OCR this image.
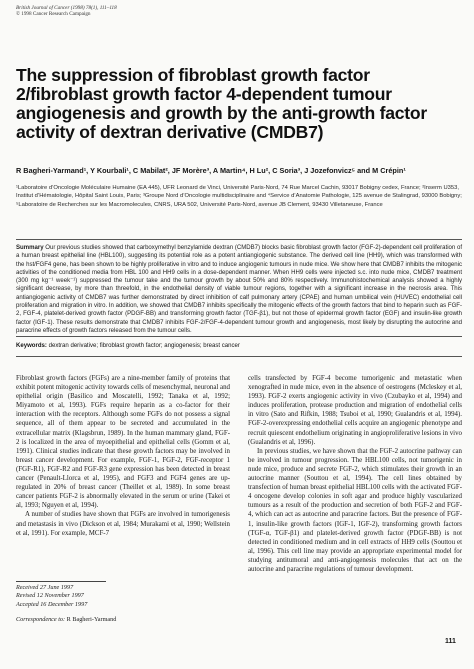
British Journal of Cancer (1998) 78(1), 111–118
© 1998 Cancer Research Campaign
The suppression of fibroblast growth factor 2/fibroblast growth factor 4-dependent tumour angiogenesis and growth by the anti-growth factor activity of dextran derivative (CMDB7)
R Bagheri-Yarmand¹, Y Kourbali¹, C Mabilat², JF Morère³, A Martin⁴, H Lu², C Soria³, J Jozefonvicz⁵ and M Crépin¹
¹Laboratoire d’Oncologie Moléculaire Humaine (EA 445), UFR Leonard de Vinci, Université Paris-Nord, 74 Rue Marcel Cachin, 93017 Bobigny cedex, France; ²Inserm U353, Institut d’Hématologie, Hôpital Saint Louis, Paris; ³Groupe Nord d’Oncologie multidisciplinaire and ⁴Service d’Anatomie Pathologie, 125 avenue de Stalingrad, 93000 Bobigny; ⁵Laboratoire de Recherches sur les Macromolecules, CNRS, URA 502, Université Paris-Nord, avenue JB Clement, 93430 Villetaneuse, France
Summary Our previous studies showed that carboxymethyl benzylamide dextran (CMDB7) blocks basic fibroblast growth factor (FGF-2)-dependent cell proliferation of a human breast epithelial line (HBL100), suggesting its potential role as a potent antiangiogenic substance. The derived cell line (HH9), which was transformed with the hst/FGF4 gene, has been shown to be highly proliferative in vitro and to induce angiogenic tumours in nude mice. We show here that CMDB7 inhibits the mitogenic activities of the conditioned media from HBL 100 and HH9 cells in a dose-dependent manner. When HH9 cells were injected s.c. into nude mice, CMDB7 treatment (300 mg kg⁻¹ week⁻¹) suppressed the tumour take and the tumour growth by about 50% and 80% respectively. Immunohistochemical analysis showed a highly significant decrease, by more than threefold, in the endothelial density of viable tumour regions, together with a significant increase in the necrosis area. This antiangiogenic activity of CMDB7 was further demonstrated by direct inhibition of calf pulmonary artery (CPAE) and human umbilical vein (HUVEC) endothelial cell proliferation and migration in vitro. In addition, we showed that CMDB7 inhibits specifically the mitogenic effects of the growth factors that bind to heparin such as FGF-2, FGF-4, platelet-derived growth factor (PDGF-BB) and transforming growth factor (TGF-β1), but not those of epidermal growth factor (EGF) and insulin-like growth factor (IGF-1). These results demonstrate that CMDB7 inhibits FGF-2/FGF-4-dependent tumour growth and angiogenesis, most likely by disrupting the autocrine and paracrine effects of growth factors released from the tumour cells.
Keywords: dextran derivative; fibroblast growth factor; angiogenesis; breast cancer

Fibroblast growth factors (FGFs) are a nine-member family of proteins that exhibit potent mitogenic activity towards cells of mesenchymal, neuronal and epithelial origin (Basilico and Moscatelli, 1992; Tanaka et al, 1992; Miyamoto et al, 1993). FGFs require heparin as a co-factor for their interaction with the receptors. Although some FGFs do not possess a signal sequence, all of them appear to be secreted and accumulated in the extracellular matrix (Klagsbrun, 1989). In the human mammary gland, FGF-2 is localized in the area of myoepithelial and epithelial cells (Gomm et al, 1991). Clinical studies indicate that these growth factors may be involved in breast cancer development. For example, FGF-1, FGF-2, FGF-receptor 1 (FGF-R1), FGF-R2 and FGF-R3 gene expression has been detected in breast cancer (Penault-Llorca et al, 1995), and FGF3 and FGF4 genes are up-regulated in 20% of breast cancer (Theillet et al, 1989). In some breast cancer patients FGF-2 is abnormally elevated in the serum or urine (Takei et al, 1993; Nguyen et al, 1994).

A number of studies have shown that FGFs are involved in tumorigenesis and metastasis in vivo (Dickson et al, 1984; Murakami et al, 1990; Wellstein et al, 1991). For example, MCF-7

cells transfected by FGF-4 become tumorigenic and metastatic when xenografted in nude mice, even in the absence of oestrogens (Mcleskey et al, 1993). FGF-2 exerts angiogenic activity in vivo (Czubayko et al, 1994) and induces proliferation, protease production and migration of endothelial cells in vitro (Sato and Rifkin, 1988; Tsuboi et al, 1990; Gualandris et al, 1994). FGF-2-overexpressing endothelial cells acquire an angiogenic phenotype and recruit quiescent endothelium originating in angioproliferative lesions in vivo (Gualandris et al, 1996).

In previous studies, we have shown that the FGF-2 autocrine pathway can be involved in tumour progression. The HBL100 cells, not tumorigenic in nude mice, produce and secrete FGF-2, which stimulates their growth in an autocrine manner (Souttou et al, 1994). The cell lines obtained by transfection of human breast epithelial HBL100 cells with the activated FGF-4 oncogene develop colonies in soft agar and produce highly vascularized tumours as a result of the production and secretion of both FGF-2 and FGF-4, which can act as autocrine and paracrine factors. But the presence of FGF-1, insulin-like growth factors (IGF-1, IGF-2), transforming growth factors (TGF-α, TGF-β1) and platelet-derived growth factor (PDGF-BB) is not detected in conditioned medium and in cell extracts of HH9 cells (Souttou et al, 1996). This cell line may provide an appropriate experimental model for studying antitumoral and anti-angiogenesis molecules that act on the autocrine and paracrine regulations of tumour development.

Received 27 June 1997
Revised 12 November 1997
Accepted 16 December 1997
Correspondence to: R Bagheri-Yarmand
111
